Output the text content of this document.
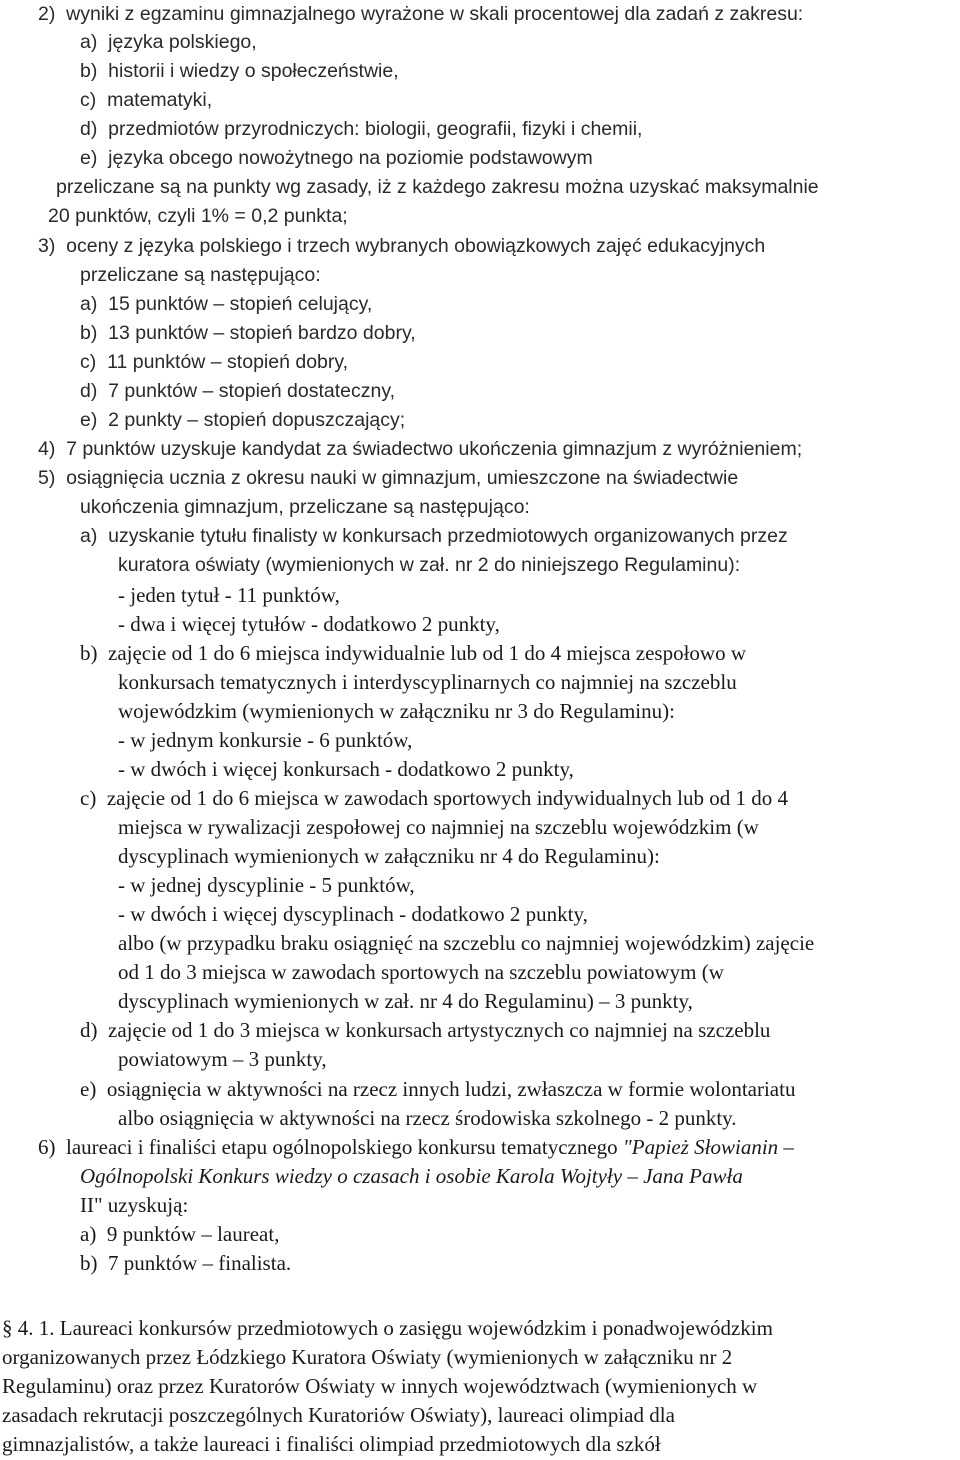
2)  wyniki z egzaminu gimnazjalnego wyrażone w skali procentowej dla zadań z zakresu:
a)  języka polskiego,
b)  historii i wiedzy o społeczeństwie,
c)  matematyki,
d)  przedmiotów przyrodniczych: biologii, geografii, fizyki i chemii,
e)  języka obcego nowożytnego na poziomie podstawowym
przeliczane są na punkty wg zasady, iż z każdego zakresu można uzyskać maksymalnie
20 punktów, czyli 1% = 0,2 punkta;
3)  oceny z języka polskiego i trzech wybranych obowiązkowych zajęć edukacyjnych
przeliczane są następująco:
a)  15 punktów – stopień celujący,
b)  13 punktów – stopień bardzo dobry,
c)  11 punktów – stopień dobry,
d)  7 punktów – stopień dostateczny,
e)  2 punkty – stopień dopuszczający;
4)  7 punktów uzyskuje kandydat za świadectwo ukończenia gimnazjum z wyróżnieniem;
5)  osiągnięcia ucznia z okresu nauki w gimnazjum, umieszczone na świadectwie
ukończenia gimnazjum, przeliczane są następująco:
a)  uzyskanie tytułu finalisty w konkursach przedmiotowych organizowanych przez
kuratora oświaty (wymienionych w zał. nr 2 do niniejszego Regulaminu):
- jeden tytuł - 11 punktów,
- dwa i więcej tytułów - dodatkowo 2 punkty,
b)  zajęcie od 1 do 6 miejsca indywidualnie lub od 1 do 4 miejsca zespołowo w
konkursach tematycznych i interdyscyplinarnych co najmniej na szczeblu
wojewódzkim (wymienionych w załączniku nr 3 do Regulaminu):
- w jednym konkursie - 6 punktów,
- w dwóch i więcej konkursach - dodatkowo 2 punkty,
c)  zajęcie od 1 do 6 miejsca w zawodach sportowych indywidualnych lub od 1 do 4
miejsca w rywalizacji zespołowej co najmniej na szczeblu wojewódzkim (w
dyscyplinach wymienionych w załączniku nr 4 do Regulaminu):
- w jednej dyscyplinie - 5 punktów,
- w dwóch i więcej dyscyplinach - dodatkowo 2 punkty,
albo (w przypadku braku osiągnięć na szczeblu co najmniej wojewódzkim) zajęcie
od 1 do 3 miejsca w zawodach sportowych na szczeblu powiatowym (w
dyscyplinach wymienionych w zał. nr 4 do Regulaminu) – 3 punkty,
d)  zajęcie od 1 do 3 miejsca w konkursach artystycznych co najmniej na szczeblu
powiatowym – 3 punkty,
e)  osiągnięcia w aktywności na rzecz innych ludzi, zwłaszcza w formie wolontariatu
albo osiągnięcia w aktywności na rzecz środowiska szkolnego - 2 punkty.
6)  laureaci i finaliści etapu ogólnopolskiego konkursu tematycznego "Papież Słowianin –
Ogólnopolski Konkurs wiedzy o czasach i osobie Karola Wojtyły – Jana Pawła
II" uzyskują:
a)  9 punktów – laureat,
b)  7 punktów – finalista.
§ 4. 1. Laureaci konkursów przedmiotowych o zasięgu wojewódzkim i ponadwojewódzkim
organizowanych przez Łódzkiego Kuratora Oświaty (wymienionych w załączniku nr 2
Regulaminu) oraz przez Kuratorów Oświaty w innych województwach (wymienionych w
zasadach rekrutacji poszczególnych Kuratoriów Oświaty), laureaci olimpiad dla
gimnazjalistów, a także laureaci i finaliści olimpiad przedmiotowych dla szkół
